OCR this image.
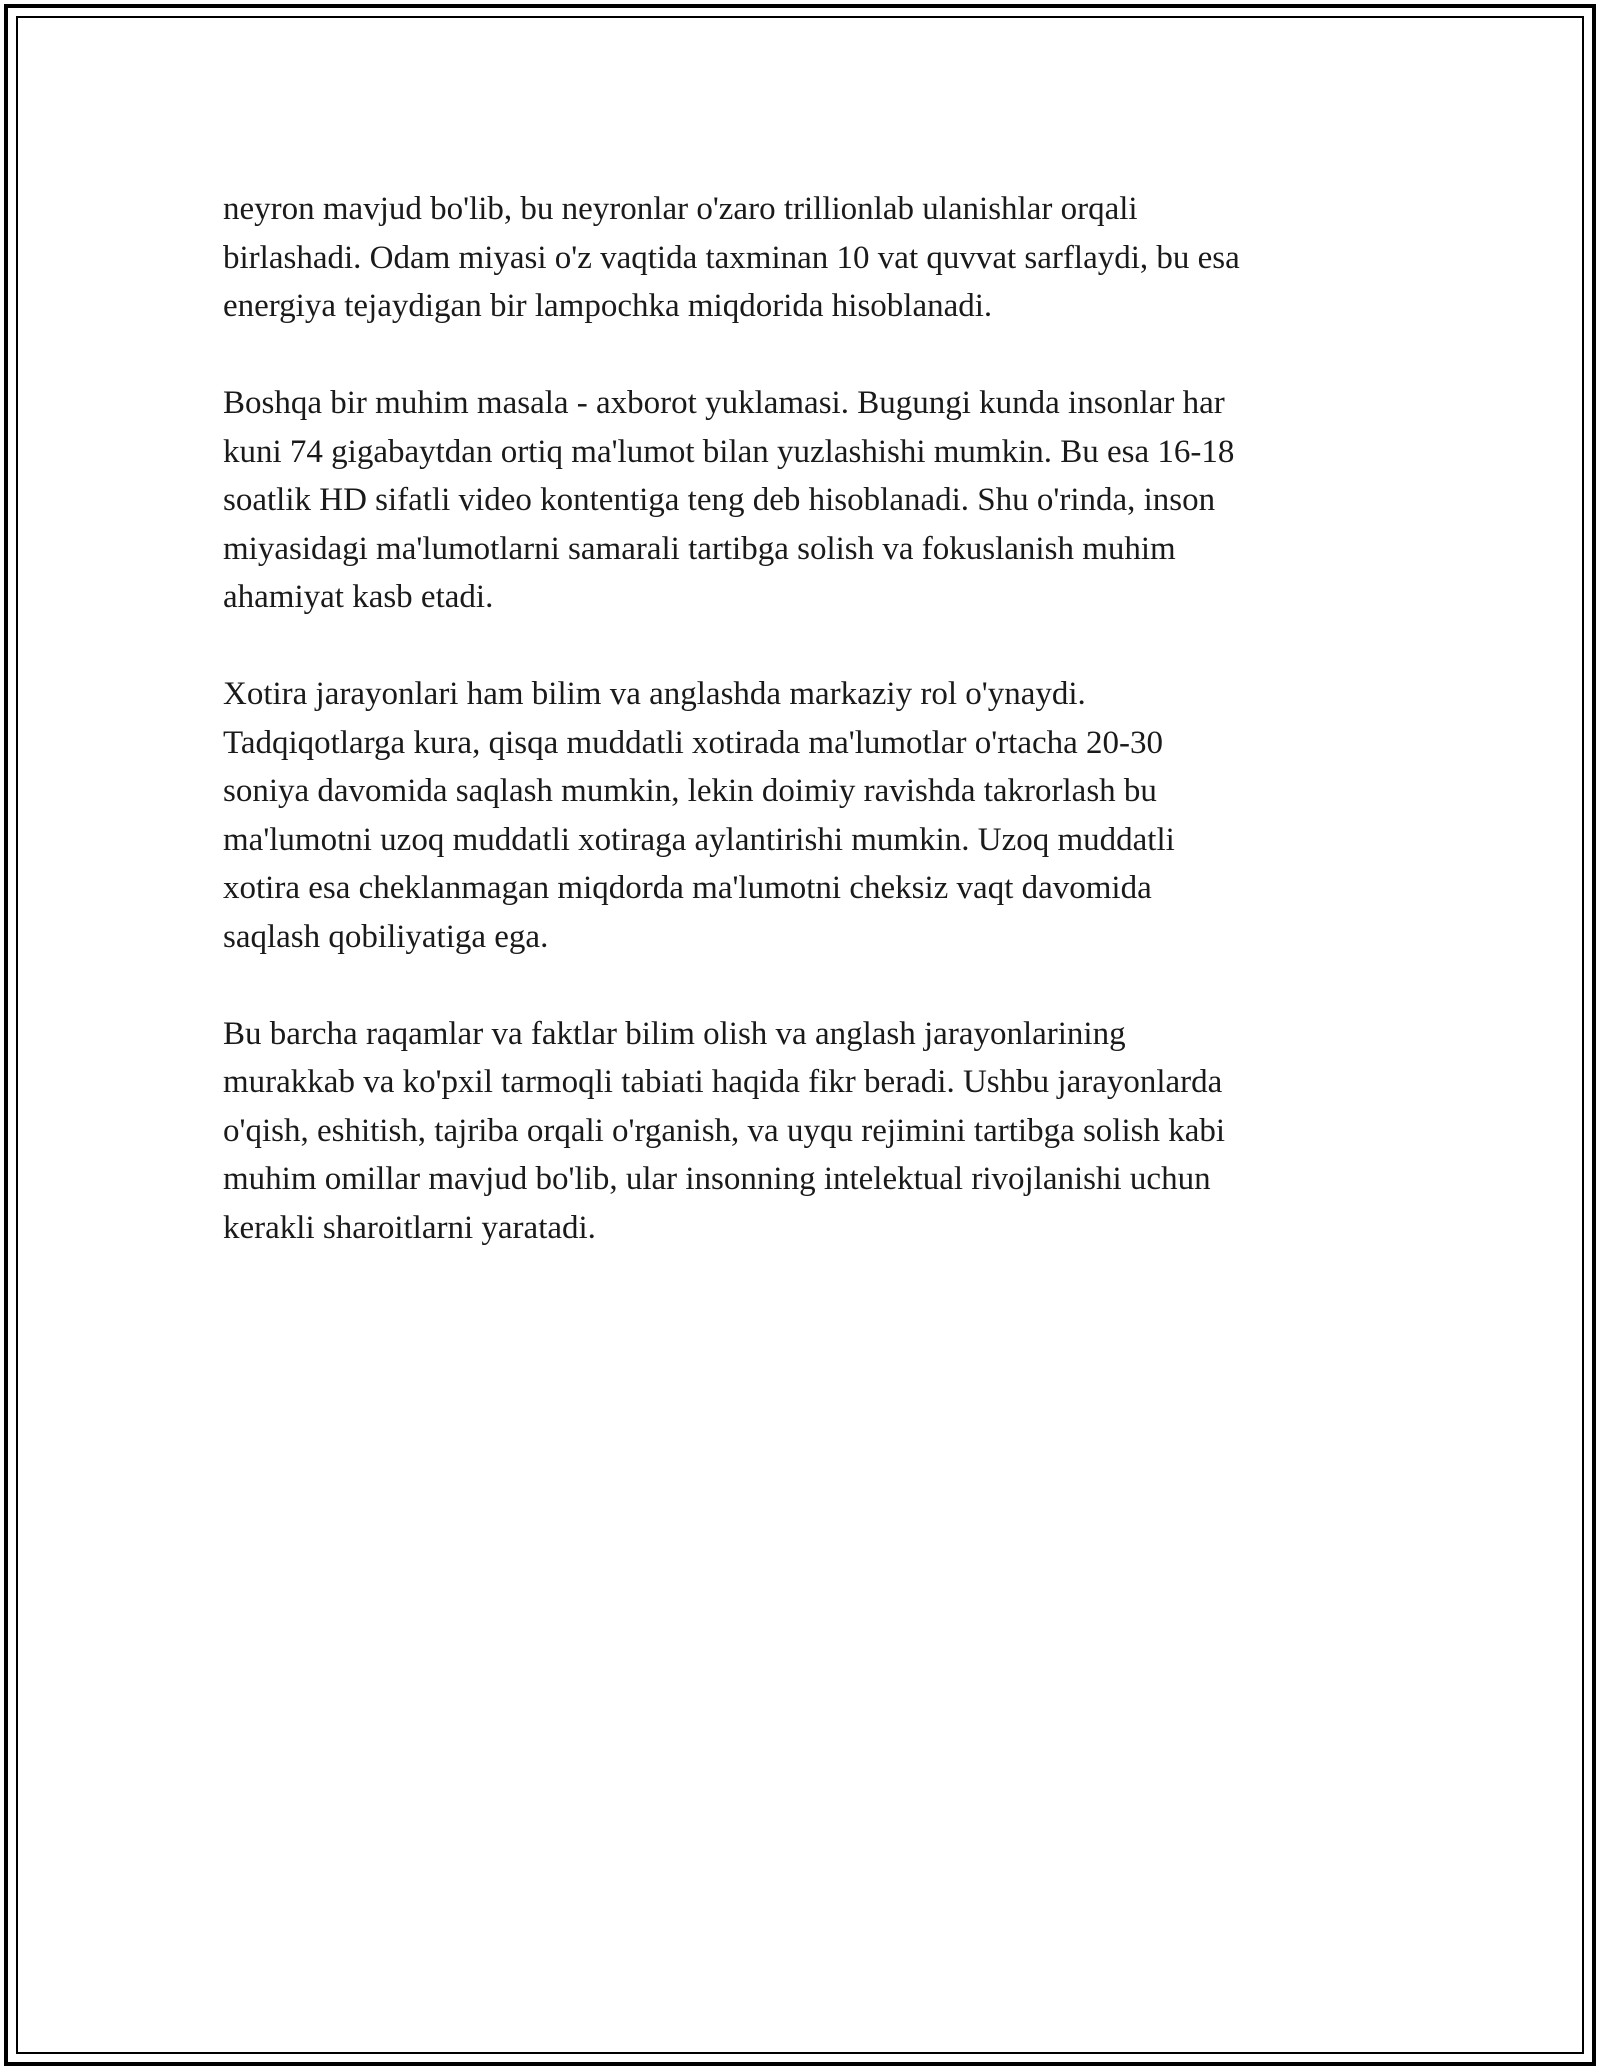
neyron mavjud bo'lib, bu neyronlar o'zaro trillionlab ulanishlar orqali
birlashadi. Odam miyasi o'z vaqtida taxminan 10 vat quvvat sarflaydi, bu esa
energiya tejaydigan bir lampochka miqdorida hisoblanadi.

Boshqa bir muhim masala - axborot yuklamasi. Bugungi kunda insonlar har
kuni 74 gigabaytdan ortiq ma'lumot bilan yuzlashishi mumkin. Bu esa 16-18
soatlik HD sifatli video kontentiga teng deb hisoblanadi. Shu o'rinda, inson
miyasidagi ma'lumotlarni samarali tartibga solish va fokuslanish muhim
ahamiyat kasb etadi.

Xotira jarayonlari ham bilim va anglashda markaziy rol o'ynaydi.
Tadqiqotlarga kura, qisqa muddatli xotirada ma'lumotlar o'rtacha 20-30
soniya davomida saqlash mumkin, lekin doimiy ravishda takrorlash bu
ma'lumotni uzoq muddatli xotiraga aylantirishi mumkin. Uzoq muddatli
xotira esa cheklanmagan miqdorda ma'lumotni cheksiz vaqt davomida
saqlash qobiliyatiga ega.

Bu barcha raqamlar va faktlar bilim olish va anglash jarayonlarining
murakkab va ko'pxil tarmoqli tabiati haqida fikr beradi. Ushbu jarayonlarda
o'qish, eshitish, tajriba orqali o'rganish, va uyqu rejimini tartibga solish kabi
muhim omillar mavjud bo'lib, ular insonning intelektual rivojlanishi uchun
kerakli sharoitlarni yaratadi.
